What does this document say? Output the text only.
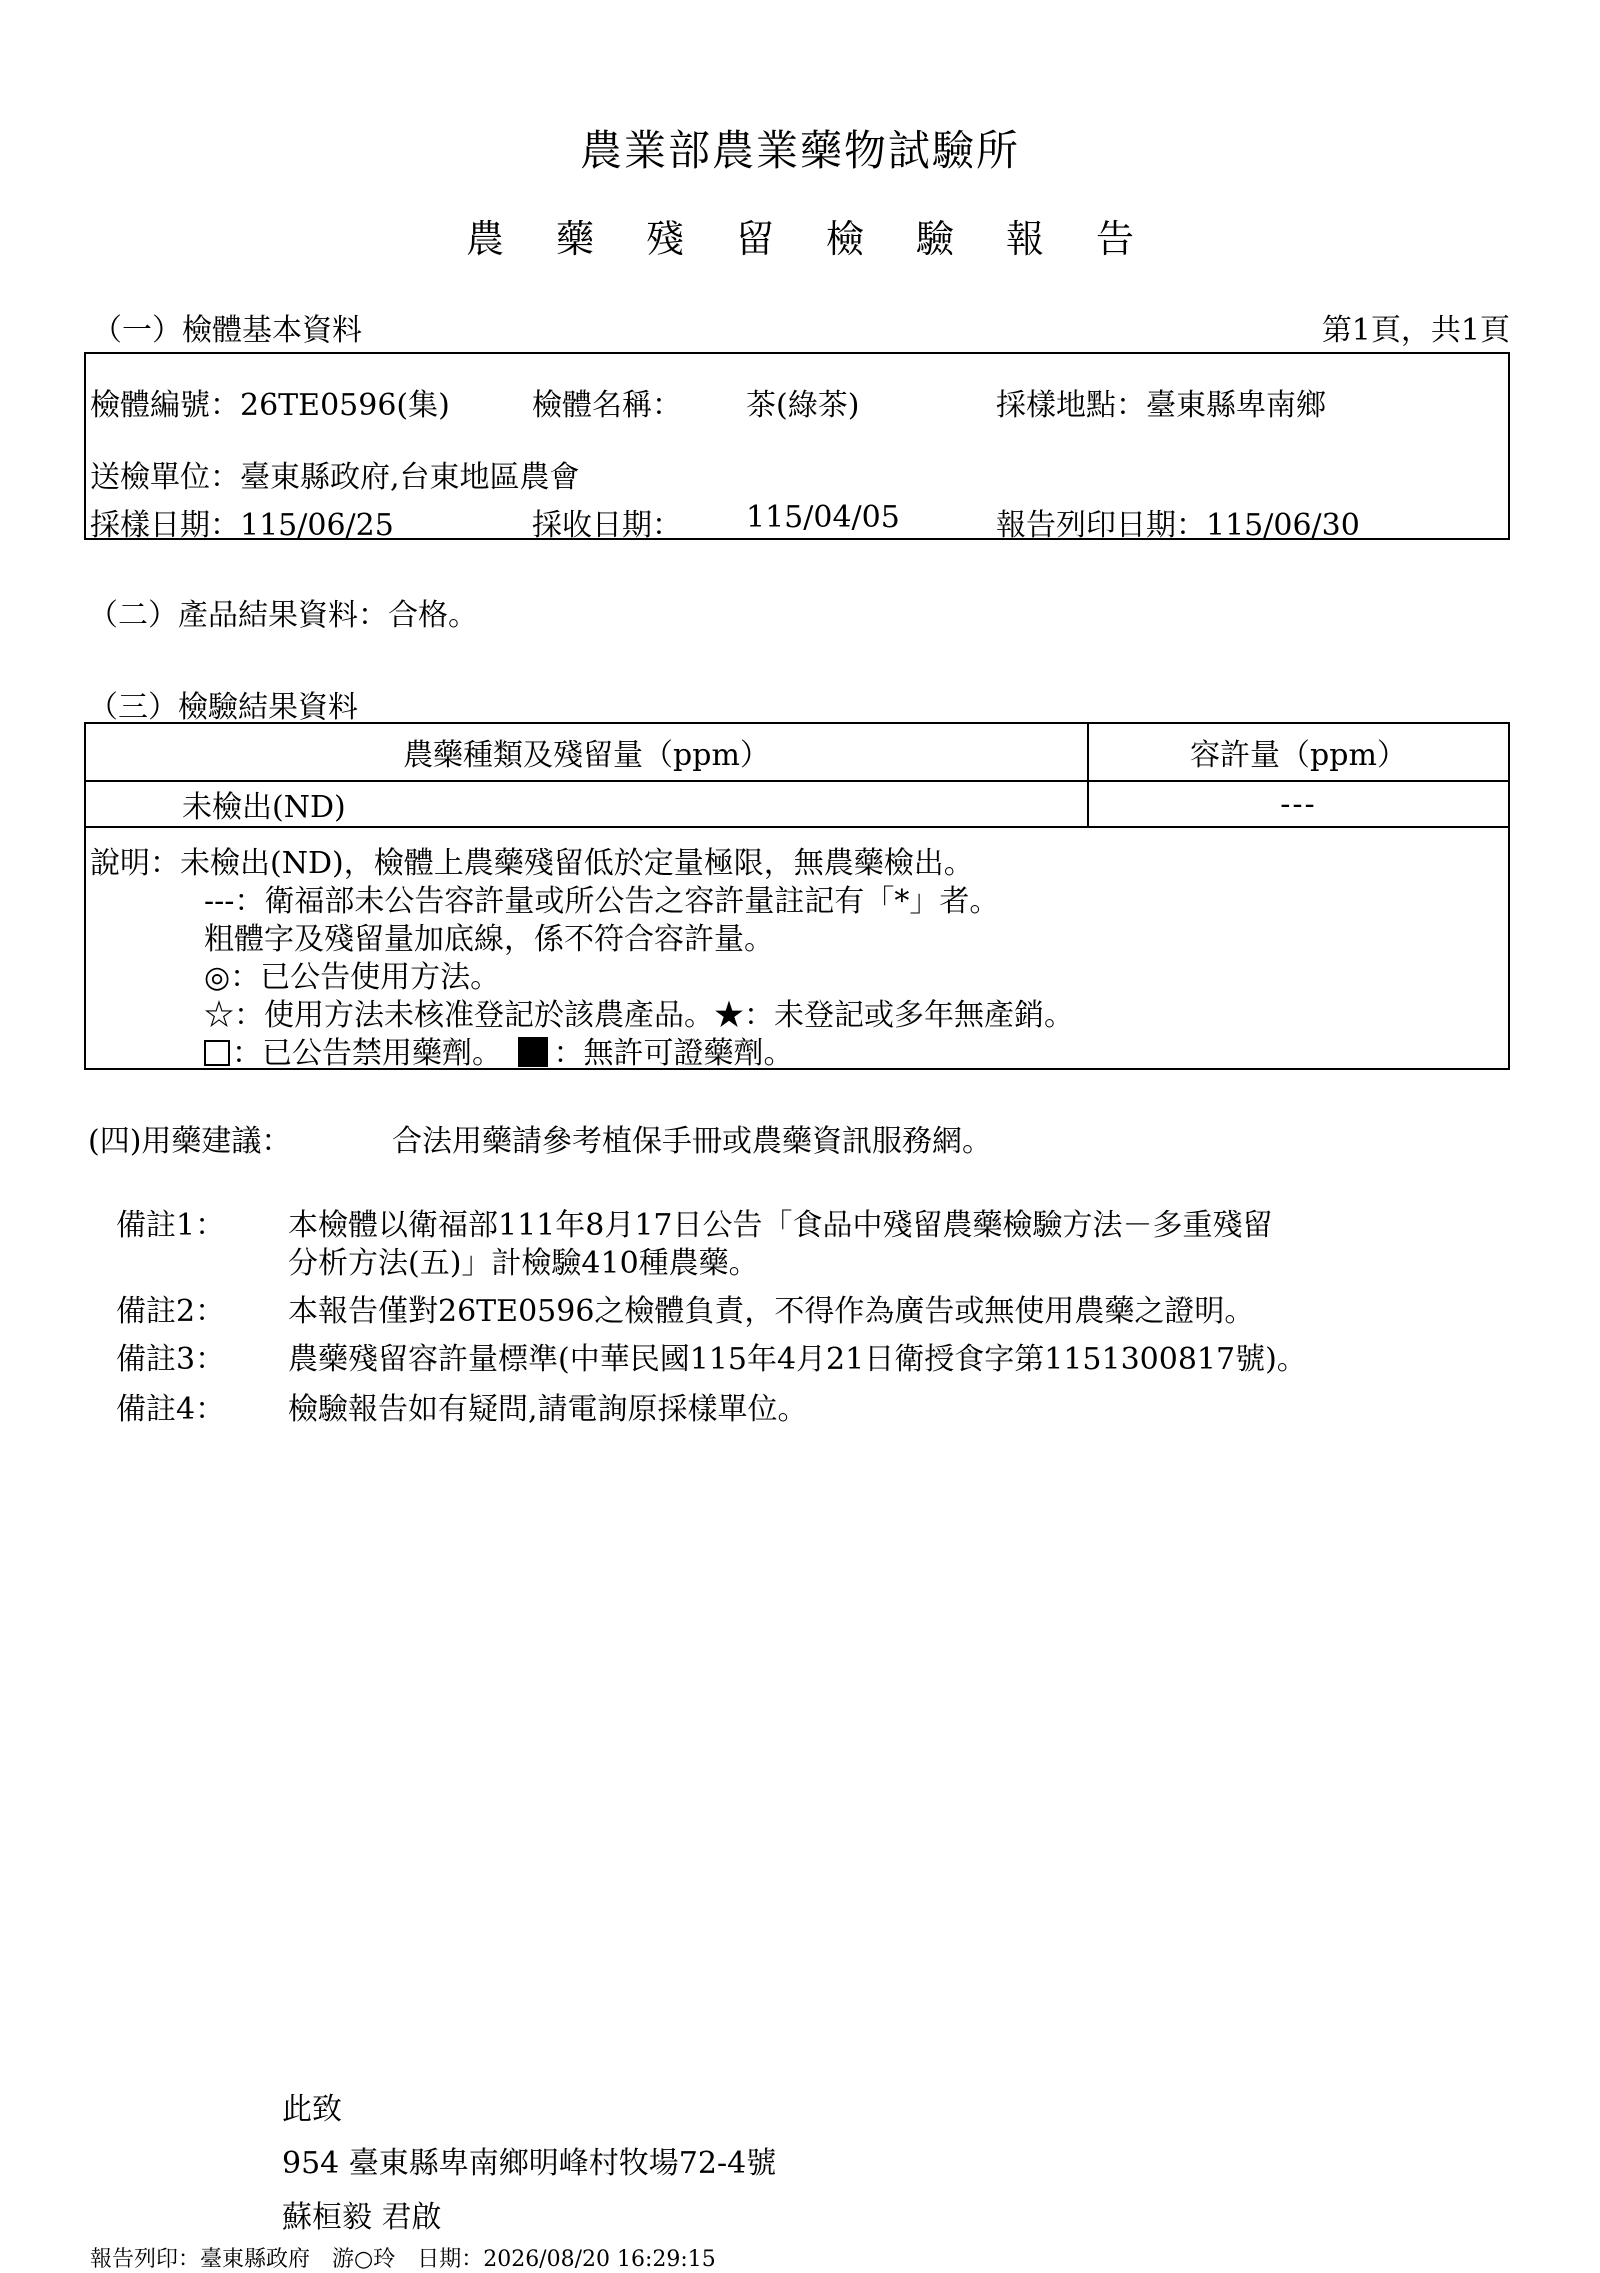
農業部農業藥物試驗所
農藥殘留檢驗報告
（一）檢體基本資料	第1頁，共1頁
檢體編號：26TE0596(集)	檢體名稱： 茶(綠茶)	採樣地點：臺東縣卑南鄉
送檢單位：臺東縣政府,台東地區農會
採樣日期：115/06/25	採收日期： 115/04/05	報告列印日期：115/06/30
（二）產品結果資料：合格。
（三）檢驗結果資料
農藥種類及殘留量（ppm）	容許量（ppm）
未檢出(ND)	---

說明：未檢出(ND)，檢體上農藥殘留低於定量極限，無農藥檢出。
---：衛福部未公告容許量或所公告之容許量註記有「*」者。
粗體字及殘留量加底線，係不符合容許量。
◎：已公告使用方法。
☆：使用方法未核准登記於該農產品。★：未登記或多年無產銷。
：已公告禁用藥劑。 ：無許可證藥劑。
(四)用藥建議：	合法用藥請參考植保手冊或農藥資訊服務網。
備註1： 本檢體以衛福部111年8月17日公告「食品中殘留農藥檢驗方法－多重殘留
分析方法(五)」計檢驗410種農藥。
備註2： 本報告僅對26TE0596之檢體負責，不得作為廣告或無使用農藥之證明。
備註3： 農藥殘留容許量標準(中華民國115年4月21日衛授食字第1151300817號)。
備註4： 檢驗報告如有疑問,請電詢原採樣單位。
此致
954 臺東縣卑南鄉明峰村牧場72-4號
蘇桓毅 君啟
報告列印：臺東縣政府　游○玲　日期：2026/08/20 16:29:15
